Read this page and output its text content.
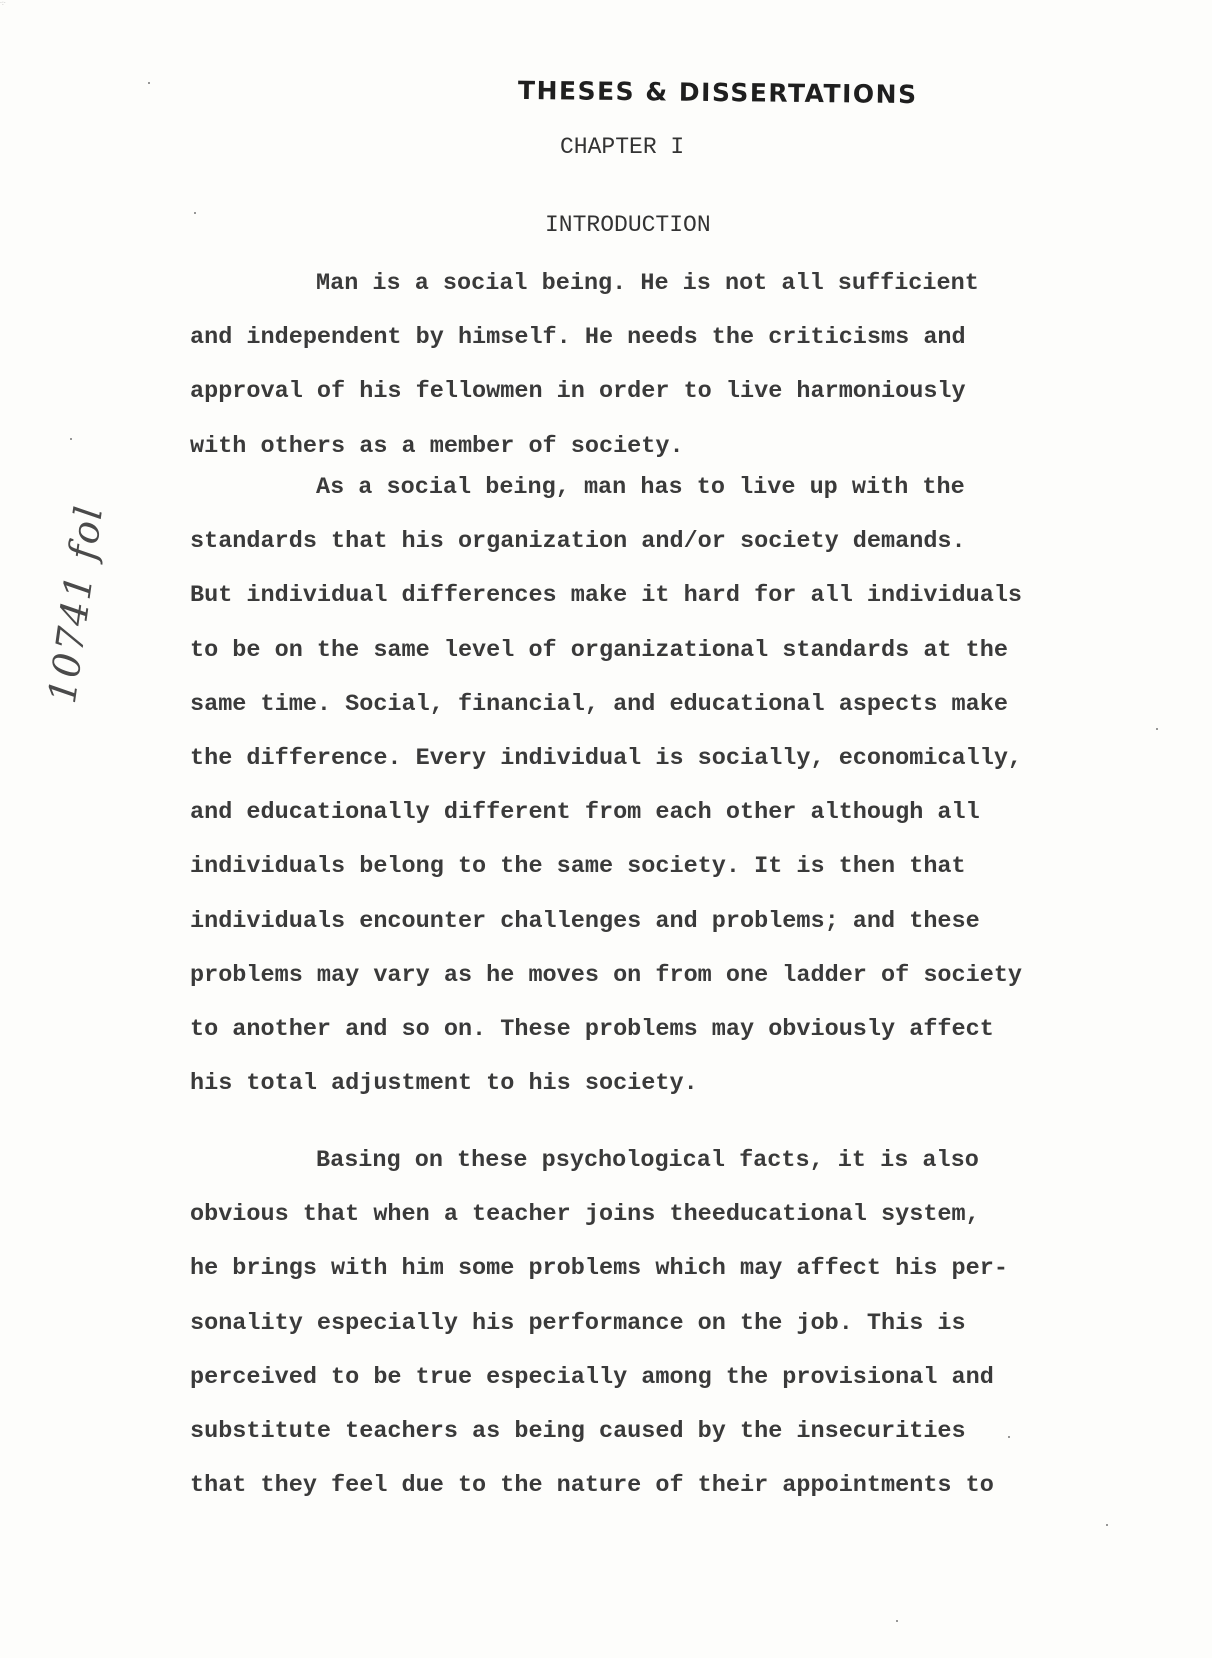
·:·
THESES & DISSERTATIONS
CHAPTER I
INTRODUCTION
10741 fol
Man is a social being. He is not all sufficient
and independent by himself. He needs the criticisms and
approval of his fellowmen in order to live harmoniously
with others as a member of society.
As a social being, man has to live up with the
standards that his organization and/or society demands.
But individual differences make it hard for all individuals
to be on the same level of organizational standards at the
same time. Social, financial, and educational aspects make
the difference. Every individual is socially, economically,
and educationally different from each other although all
individuals belong to the same society. It is then that
individuals encounter challenges and problems; and these
problems may vary as he moves on from one ladder of society
to another and so on. These problems may obviously affect
his total adjustment to his society.
Basing on these psychological facts, it is also
obvious that when a teacher joins theeducational system,
he brings with him some problems which may affect his per-
sonality especially his performance on the job. This is
perceived to be true especially among the provisional and
substitute teachers as being caused by the insecurities
that they feel due to the nature of their appointments to
